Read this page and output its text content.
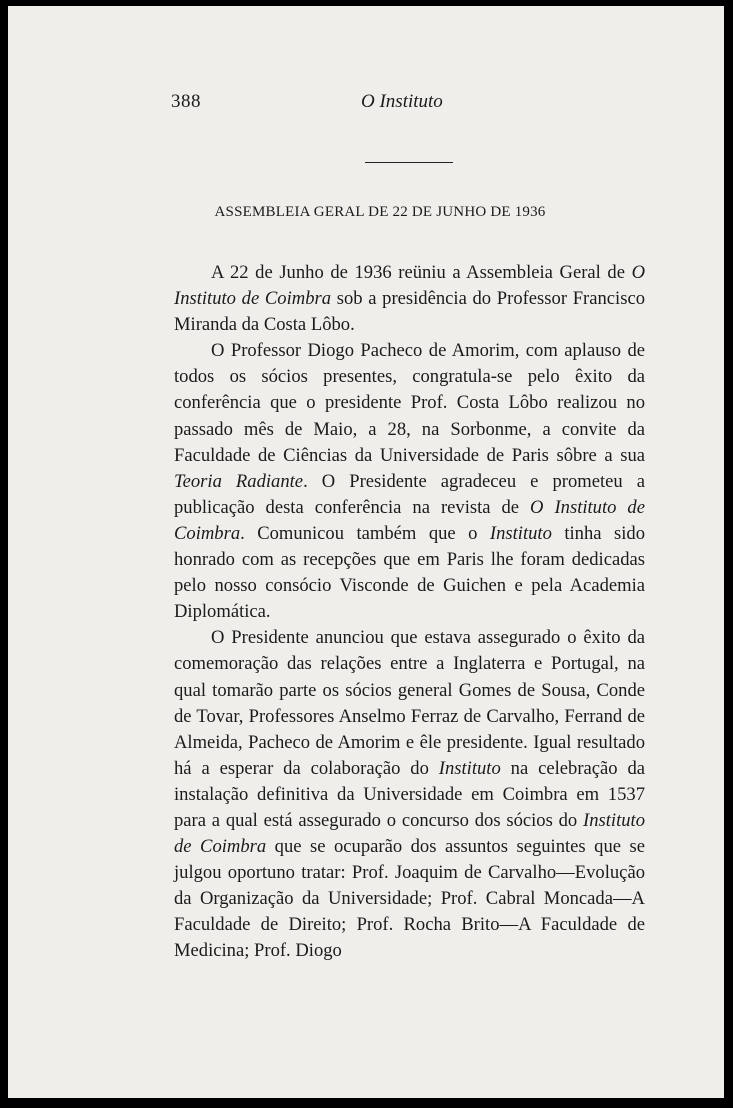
388	O Instituto
ASSEMBLEIA GERAL DE 22 DE JUNHO DE 1936

A 22 de Junho de 1936 reüniu a Assembleia Geral de O Instituto de Coimbra sob a presidência do Professor Francisco Miranda da Costa Lôbo.

O Professor Diogo Pacheco de Amorim, com aplauso de todos os sócios presentes, congratula-se pelo êxito da conferência que o presidente Prof. Costa Lôbo realizou no passado mês de Maio, a 28, na Sorbonme, a convite da Faculdade de Ciências da Universidade de Paris sôbre a sua Teoria Radiante. O Presidente agradeceu e prometeu a publicação desta conferência na revista de O Instituto de Coimbra. Comunicou também que o Instituto tinha sido honrado com as recepções que em Paris lhe foram dedicadas pelo nosso consócio Visconde de Guichen e pela Academia Diplomática.

O Presidente anunciou que estava assegurado o êxito da comemoração das relações entre a Inglaterra e Portugal, na qual tomarão parte os sócios general Gomes de Sousa, Conde de Tovar, Professores Anselmo Ferraz de Carvalho, Ferrand de Almeida, Pacheco de Amorim e êle presidente. Igual resultado há a esperar da colaboração do Instituto na celebração da instalação definitiva da Universidade em Coimbra em 1537 para a qual está assegurado o concurso dos sócios do Instituto de Coimbra que se ocuparão dos assuntos seguintes que se julgou oportuno tratar: Prof. Joaquim de Carvalho—Evolução da Organização da Universidade; Prof. Cabral Moncada—A Faculdade de Direito; Prof. Rocha Brito—A Faculdade de Medicina; Prof. Diogo
